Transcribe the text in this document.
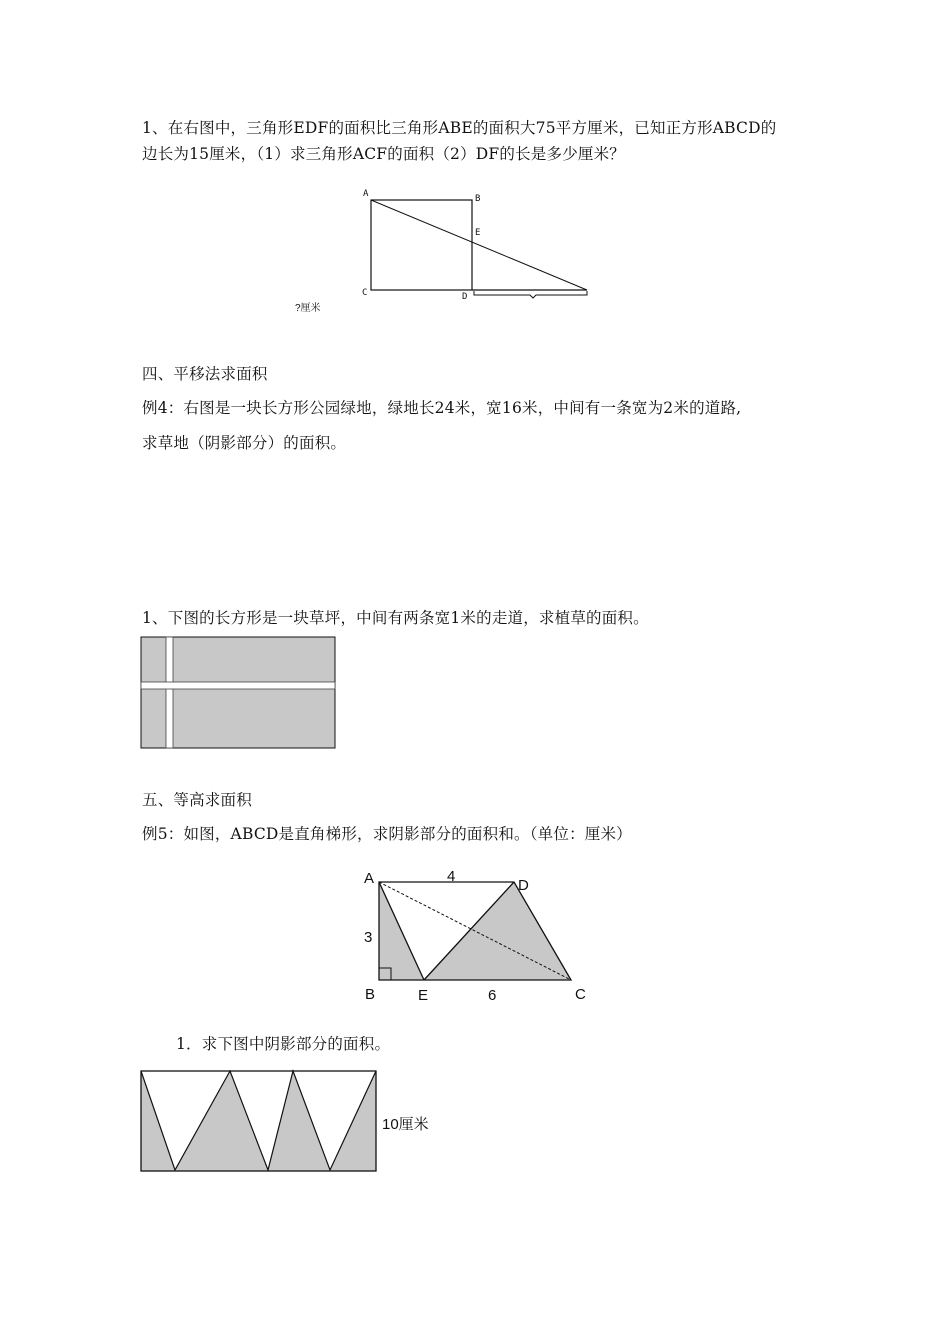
1、在右图中，三角形EDF的面积比三角形ABE的面积大75平方厘米，已知正方形ABCD的
边长为15厘米，（1）求三角形ACF的面积（2）DF的长是多少厘米？
A	B
E
C	D
?厘米
四、平移法求面积
例4：右图是一块长方形公园绿地，绿地长24米，宽16米，中间有一条宽为2米的道路,
求草地（阴影部分）的面积。
1、下图的长方形是一块草坪，中间有两条宽1米的走道，求植草的面积。
五、等高求面积
例5：如图，ABCD是直角梯形，求阴影部分的面积和。（单位：厘米）
A	D
B	E	C
4
3
6
1．求下图中阴影部分的面积。
10厘米
